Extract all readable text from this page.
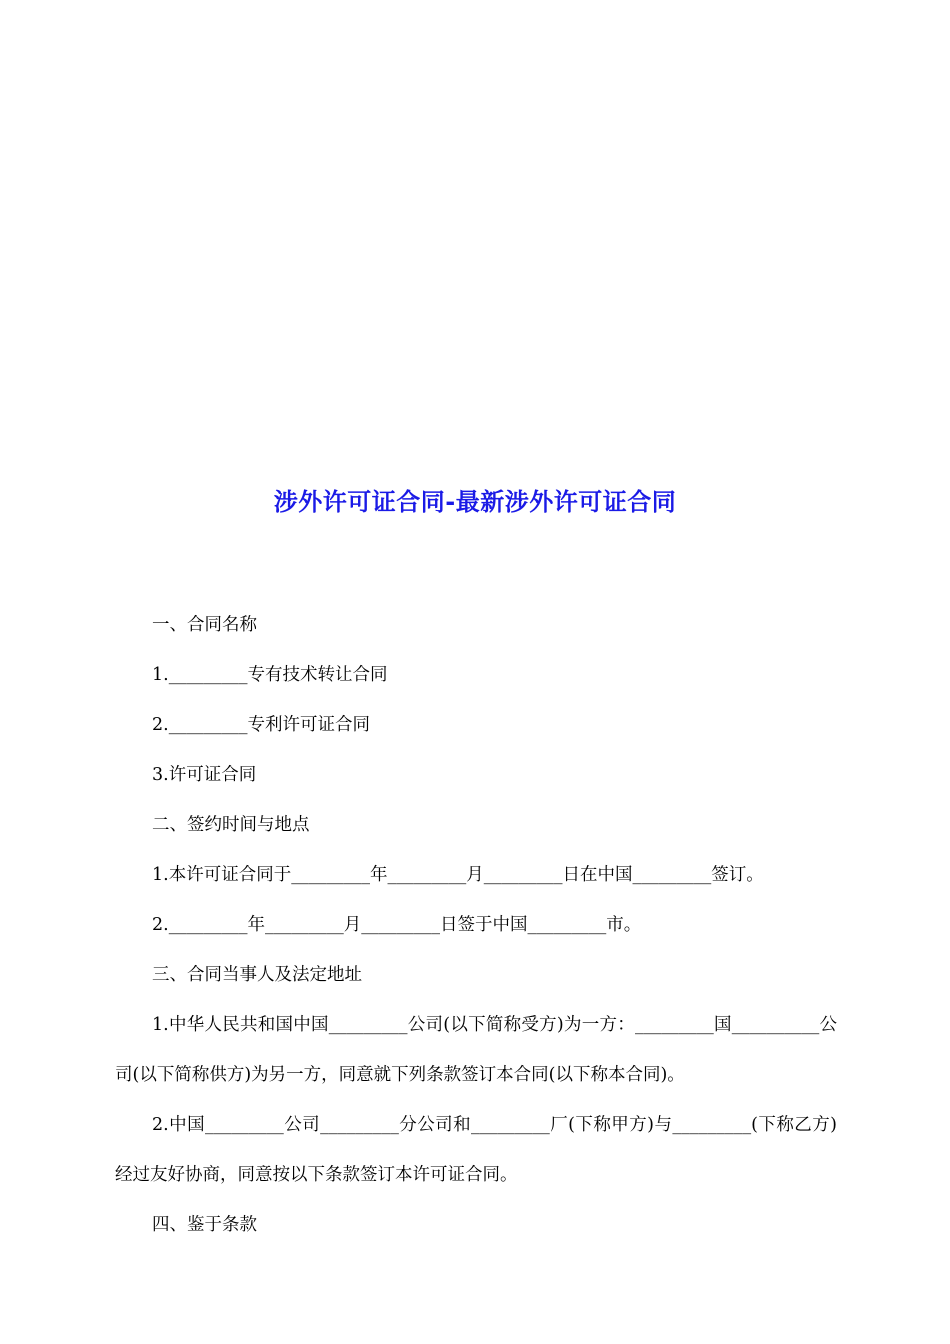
涉外许可证合同-最新涉外许可证合同

一、合同名称

1._________专有技术转让合同

2._________专利许可证合同

3.许可证合同

二、签约时间与地点

1.本许可证合同于_________年_________月_________日在中国_________签订。

2._________年_________月_________日签于中国_________市。

三、合同当事人及法定地址

1.中华人民共和国中国_________公司(以下简称受方)为一方：_________国__________公司(以下简称供方)为另一方，同意就下列条款签订本合同(以下称本合同)。

2.中国_________公司_________分公司和_________厂(下称甲方)与_________(下称乙方)经过友好协商，同意按以下条款签订本许可证合同。

四、鉴于条款
